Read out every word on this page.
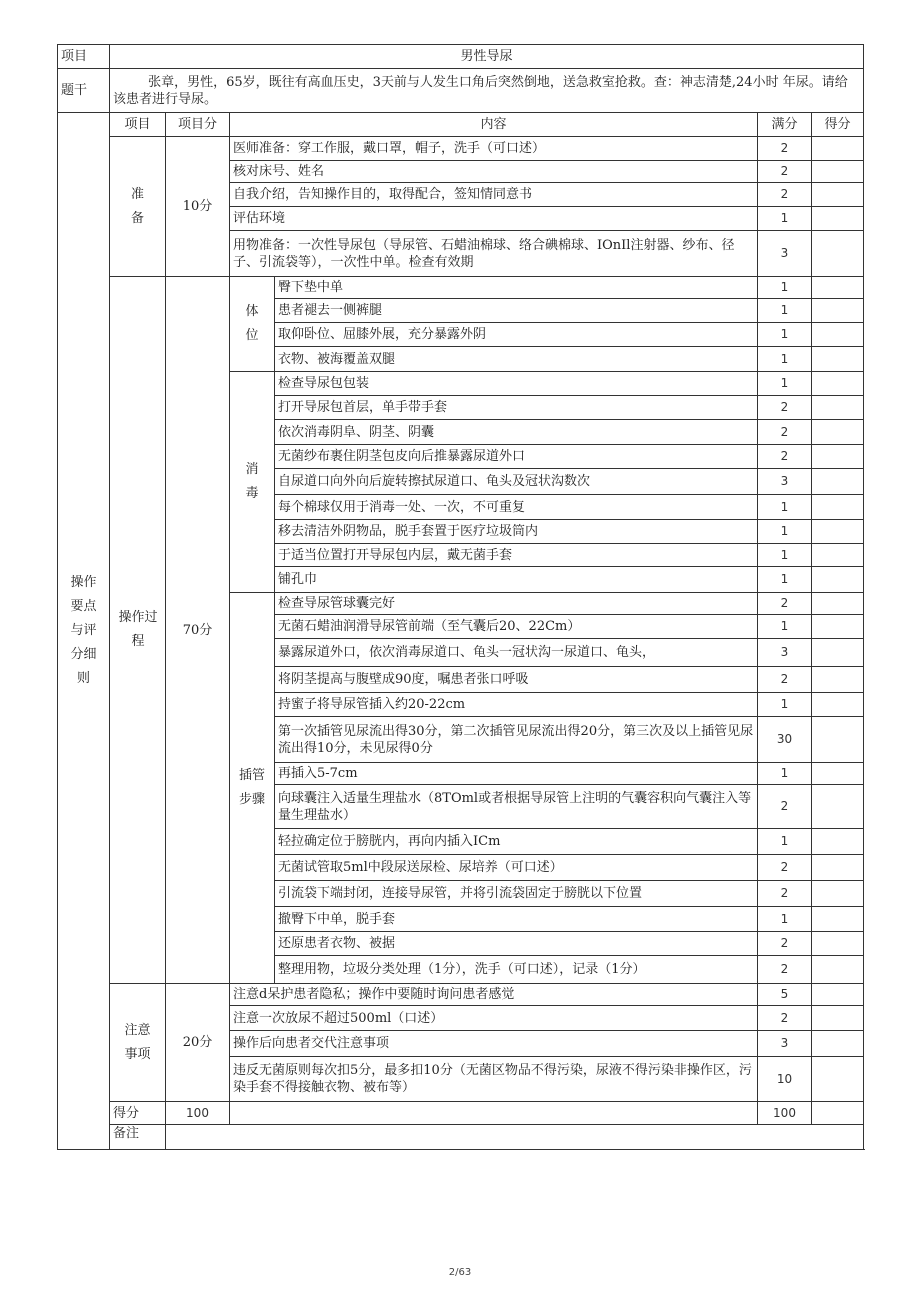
项目	男性导尿					
题干	张章，男性，65岁，既往有高血压史，3天前与人发生口角后突然倒地，送急救室抢救。查：神志清楚,24小时 年尿。请给该患者进行导尿。					

操作要点与评分细则	项目	项目分	内容		满分	得分

	准备	10分	医师准备：穿工作服，戴口罩，帽子，洗手（可口述）		2	
			核对床号、姓名		2	
			自我介绍，告知操作目的，取得配合，签知情同意书		2	
			评估环境		1	
			用物准备：一次性导尿包（导尿管、石蜡油棉球、络合碘棉球、IOnIl注射器、纱布、径子、引流袋等），一次性中单。检查有效期		3	

	操作过程	70分	体位	臀下垫中单	1	
				患者褪去一侧裤腿	1	
				取仰卧位、屈膝外展，充分暴露外阴	1	
				衣物、被海覆盖双腿	1	

			消毒	检查导尿包包装	1	
				打开导尿包首层，单手带手套	2	
				依次消毒阴阜、阴茎、阴囊	2	
				无菌纱布裹住阴茎包皮向后推暴露尿道外口	2	
				自尿道口向外向后旋转擦拭尿道口、龟头及冠状沟数次	3	
				每个棉球仅用于消毒一处、一次，不可重复	1	
				移去清洁外阴物品，脱手套置于医疗垃圾筒内	1	
				于适当位置打开导尿包内层，戴无菌手套	1	
				铺孔巾	1	

			插管步骤	检查导尿管球囊完好	2	
				无菌石蜡油润滑导尿管前端（至气囊后20、22Cm）	1	
				暴露尿道外口，依次消毒尿道口、龟头一冠状沟一尿道口、龟头，	3	
				将阴茎提高与腹壁成90度，嘱患者张口呼吸	2	
				持蜜子将导尿管插入约20-22cm	1	
				第一次插管见尿流出得30分，第二次插管见尿流出得20分，第三次及以上插管见尿流出得10分，未见尿得0分	30	
				再插入5-7cm	1	
				向球囊注入适量生理盐水（8TOml或者根据导尿管上注明的气囊容积向气囊注入等量生理盐水）	2	
				轻拉确定位于膀胱内，再向内插入ICm	1	
				无菌试管取5ml中段尿送尿检、尿培养（可口述）	2	
				引流袋下端封闭，连接导尿管，并将引流袋固定于膀胱以下位置	2	
				撤臀下中单，脱手套	1	
				还原患者衣物、被据	2	
				整理用物，垃圾分类处理（1分），洗手（可口述），记录（1分）	2	

	注意事项	20分	注意d呆护患者隐私；操作中要随时询问患者感觉		5	
			注意一次放尿不超过500ml（口述）		2	
			操作后向患者交代注意事项		3	
			违反无菌原则每次扣5分，最多扣10分（无菌区物品不得污染，尿液不得污染非操作区，污染手套不得接触衣物、被布等）		10	
	得分	100			100	
	备注					
2/63
